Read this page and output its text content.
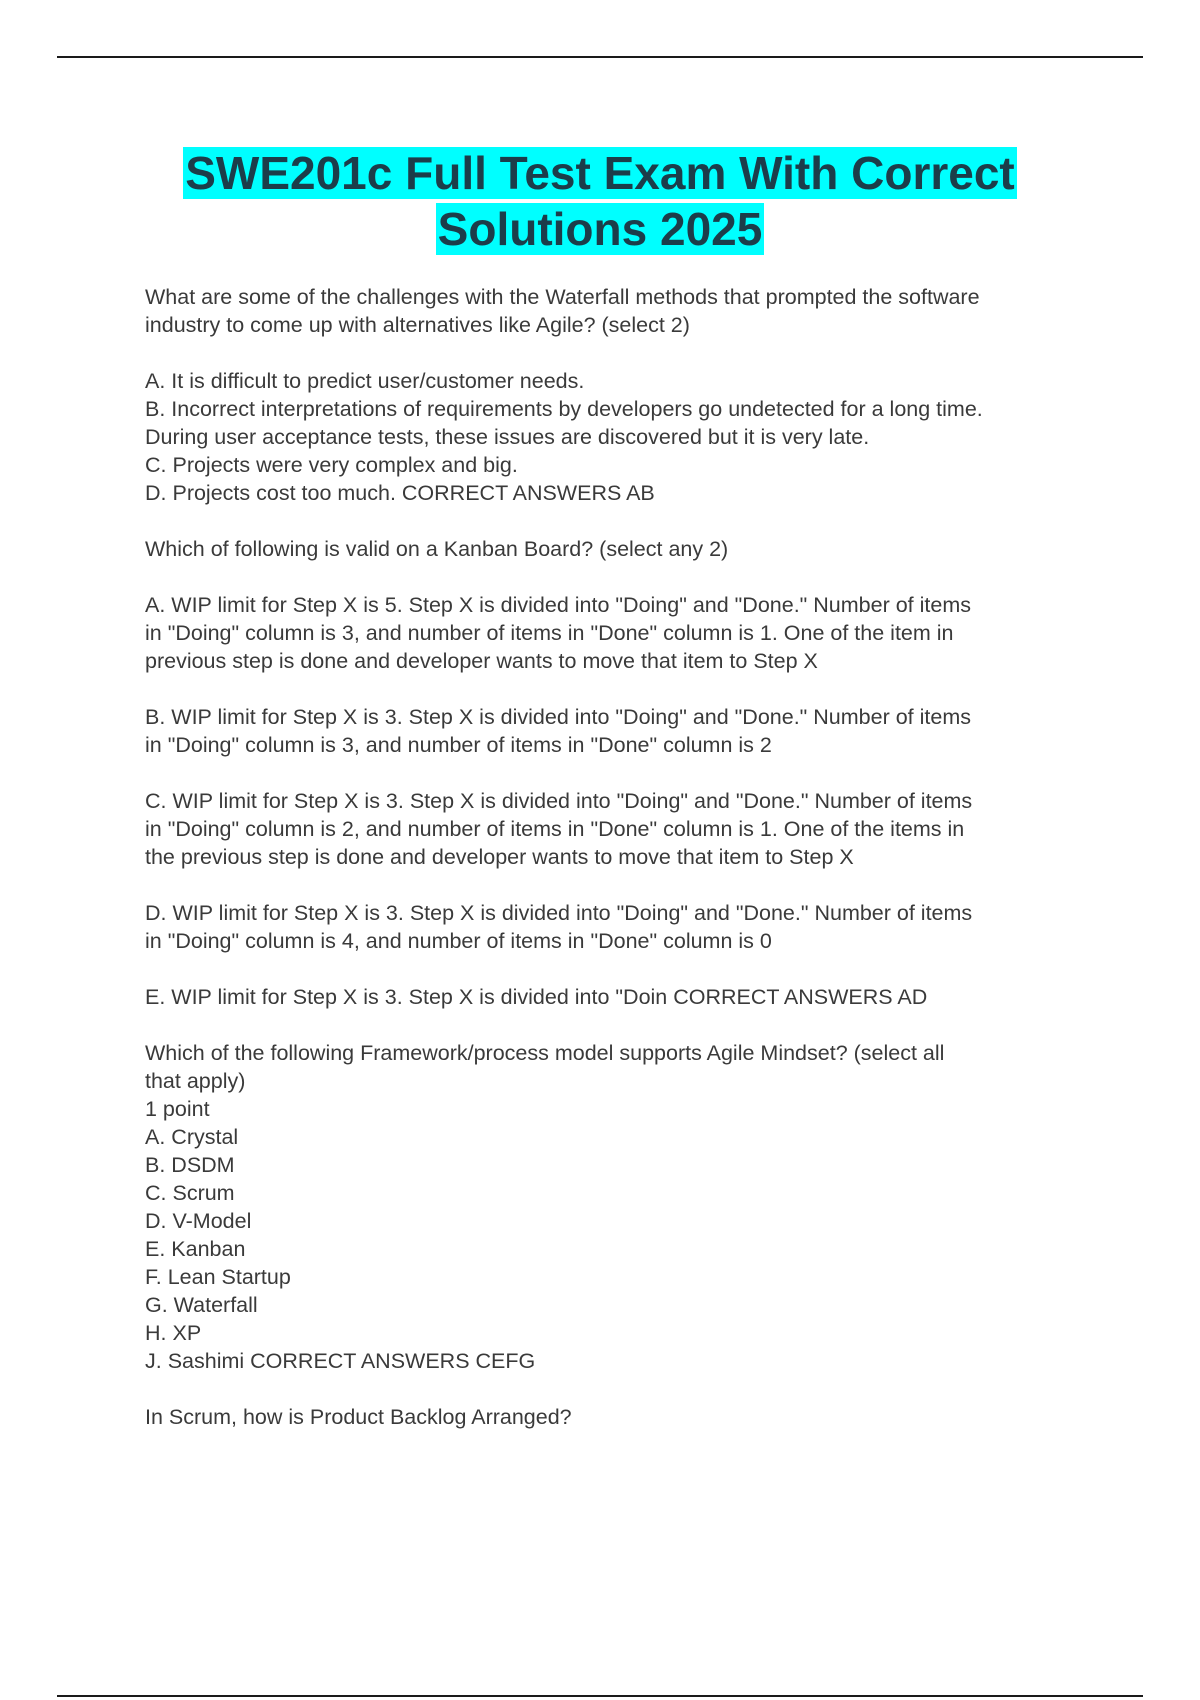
SWE201c Full Test Exam With Correct
Solutions 2025

What are some of the challenges with the Waterfall methods that prompted the software

industry to come up with alternatives like Agile? (select 2)

A. It is difficult to predict user/customer needs.

B. Incorrect interpretations of requirements by developers go undetected for a long time.

During user acceptance tests, these issues are discovered but it is very late.

C. Projects were very complex and big.

D. Projects cost too much. CORRECT ANSWERS AB

Which of following is valid on a Kanban Board? (select any 2)

A. WIP limit for Step X is 5. Step X is divided into "Doing" and "Done." Number of items

in "Doing" column is 3, and number of items in "Done" column is 1. One of the item in

previous step is done and developer wants to move that item to Step X

B. WIP limit for Step X is 3. Step X is divided into "Doing" and "Done." Number of items

in "Doing" column is 3, and number of items in "Done" column is 2

C. WIP limit for Step X is 3. Step X is divided into "Doing" and "Done." Number of items

in "Doing" column is 2, and number of items in "Done" column is 1. One of the items in

the previous step is done and developer wants to move that item to Step X

D. WIP limit for Step X is 3. Step X is divided into "Doing" and "Done." Number of items

in "Doing" column is 4, and number of items in "Done" column is 0

E. WIP limit for Step X is 3. Step X is divided into "Doin CORRECT ANSWERS AD

Which of the following Framework/process model supports Agile Mindset? (select all

that apply)

1 point

A. Crystal

B. DSDM

C. Scrum

D. V-Model

E. Kanban

F. Lean Startup

G. Waterfall

H. XP

J. Sashimi CORRECT ANSWERS CEFG

In Scrum, how is Product Backlog Arranged?
